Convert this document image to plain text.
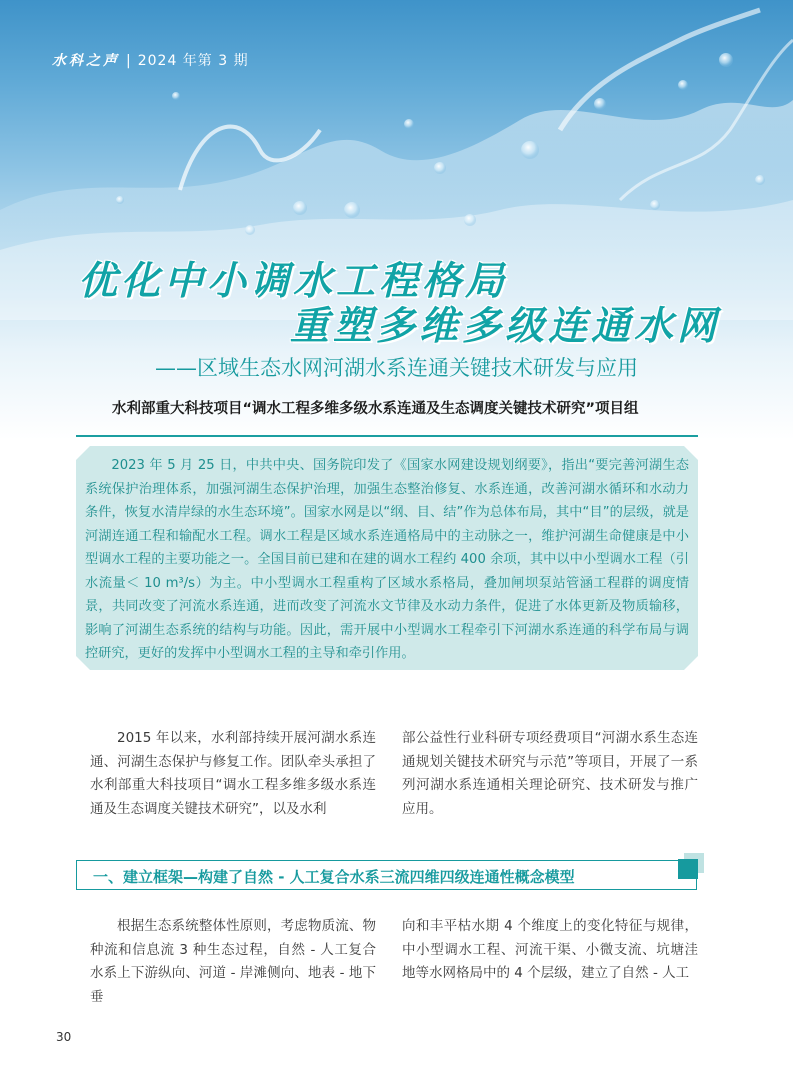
水科之声 | 2024 年第 3 期
优化中小调水工程格局
重塑多维多级连通水网
——区域生态水网河湖水系连通关键技术研发与应用
水利部重大科技项目“调水工程多维多级水系连通及生态调度关键技术研究”项目组
2023 年 5 月 25 日，中共中央、国务院印发了《国家水网建设规划纲要》，指出“要完善河湖生态系统保护治理体系，加强河湖生态保护治理，加强生态整治修复、水系连通，改善河湖水循环和水动力条件，恢复水清岸绿的水生态环境”。国家水网是以“纲、目、结”作为总体布局，其中“目”的层级，就是河湖连通工程和输配水工程。调水工程是区域水系连通格局中的主动脉之一，维护河湖生命健康是中小型调水工程的主要功能之一。全国目前已建和在建的调水工程约 400 余项，其中以中小型调水工程（引水流量＜ 10 m³/s）为主。中小型调水工程重构了区域水系格局，叠加闸坝泵站管涵工程群的调度情景，共同改变了河流水系连通，进而改变了河流水文节律及水动力条件，促进了水体更新及物质输移，影响了河湖生态系统的结构与功能。因此，需开展中小型调水工程牵引下河湖水系连通的科学布局与调控研究，更好的发挥中小型调水工程的主导和牵引作用。
2015 年以来，水利部持续开展河湖水系连通、河湖生态保护与修复工作。团队牵头承担了水利部重大科技项目“调水工程多维多级水系连通及生态调度关键技术研究”，以及水利
部公益性行业科研专项经费项目“河湖水系生态连通规划关键技术研究与示范”等项目，开展了一系列河湖水系连通相关理论研究、技术研发与推广应用。
一、建立框架—构建了自然 - 人工复合水系三流四维四级连通性概念模型
根据生态系统整体性原则，考虑物质流、物种流和信息流 3 种生态过程，自然 - 人工复合水系上下游纵向、河道 - 岸滩侧向、地表 - 地下垂
向和丰平枯水期 4 个维度上的变化特征与规律，中小型调水工程、河流干渠、小微支流、坑塘洼地等水网格局中的 4 个层级，建立了自然 - 人工
30
